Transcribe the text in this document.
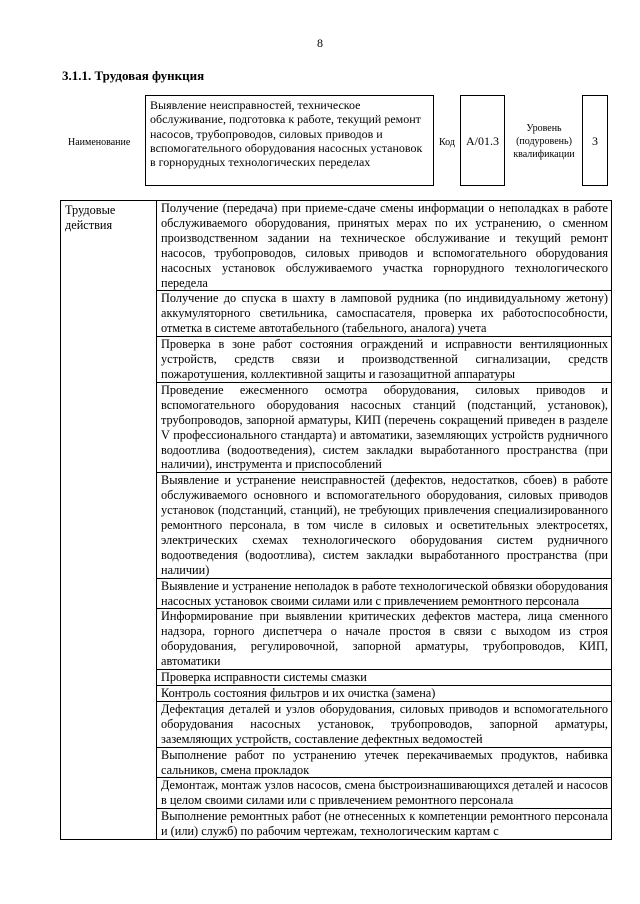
8
3.1.1. Трудовая функция
Наименование
Выявление неисправностей, техническое обслуживание, подготовка к работе, текущий ремонт насосов, трубопроводов, силовых приводов и вспомогательного оборудования насосных установок в горнорудных технологических переделах
Код A/01.3
Уровень (подуровень) квалификации
3
Трудовые действия	Получение (передача) при приеме-сдаче смены информации о неполадках в работе обслуживаемого оборудования, принятых мерах по их устранению, о сменном производственном задании на техническое обслуживание и текущий ремонт насосов, трубопроводов, силовых приводов и вспомогательного оборудования насосных установок обслуживаемого участка горнорудного технологического передела
Получение до спуска в шахту в ламповой рудника (по индивидуальному жетону) аккумуляторного светильника, самоспасателя, проверка их работоспособности, отметка в системе автотабельного (табельного, аналога) учета
Проверка в зоне работ состояния ограждений и исправности вентиляционных устройств, средств связи и производственной сигнализации, средств пожаротушения, коллективной защиты и газозащитной аппаратуры
Проведение ежесменного осмотра оборудования, силовых приводов и вспомогательного оборудования насосных станций (подстанций, установок), трубопроводов, запорной арматуры, КИП (перечень сокращений приведен в разделе V профессионального стандарта) и автоматики, заземляющих устройств рудничного водоотлива (водоотведения), систем закладки выработанного пространства (при наличии), инструмента и приспособлений
Выявление и устранение неисправностей (дефектов, недостатков, сбоев) в работе обслуживаемого основного и вспомогательного оборудования, силовых приводов установок (подстанций, станций), не требующих привлечения специализированного ремонтного персонала, в том числе в силовых и осветительных электросетях, электрических схемах технологического оборудования систем рудничного водоотведения (водоотлива), систем закладки выработанного пространства (при наличии)
Выявление и устранение неполадок в работе технологической обвязки оборудования насосных установок своими силами или с привлечением ремонтного персонала
Информирование при выявлении критических дефектов мастера, лица сменного надзора, горного диспетчера о начале простоя в связи с выходом из строя оборудования, регулировочной, запорной арматуры, трубопроводов, КИП, автоматики
Проверка исправности системы смазки
Контроль состояния фильтров и их очистка (замена)
Дефектация деталей и узлов оборудования, силовых приводов и вспомогательного оборудования насосных установок, трубопроводов, запорной арматуры, заземляющих устройств, составление дефектных ведомостей
Выполнение работ по устранению утечек перекачиваемых продуктов, набивка сальников, смена прокладок
Демонтаж, монтаж узлов насосов, смена быстроизнашивающихся деталей и насосов в целом своими силами или с привлечением ремонтного персонала
Выполнение ремонтных работ (не отнесенных к компетенции ремонтного персонала и (или) служб) по рабочим чертежам, технологическим картам с
